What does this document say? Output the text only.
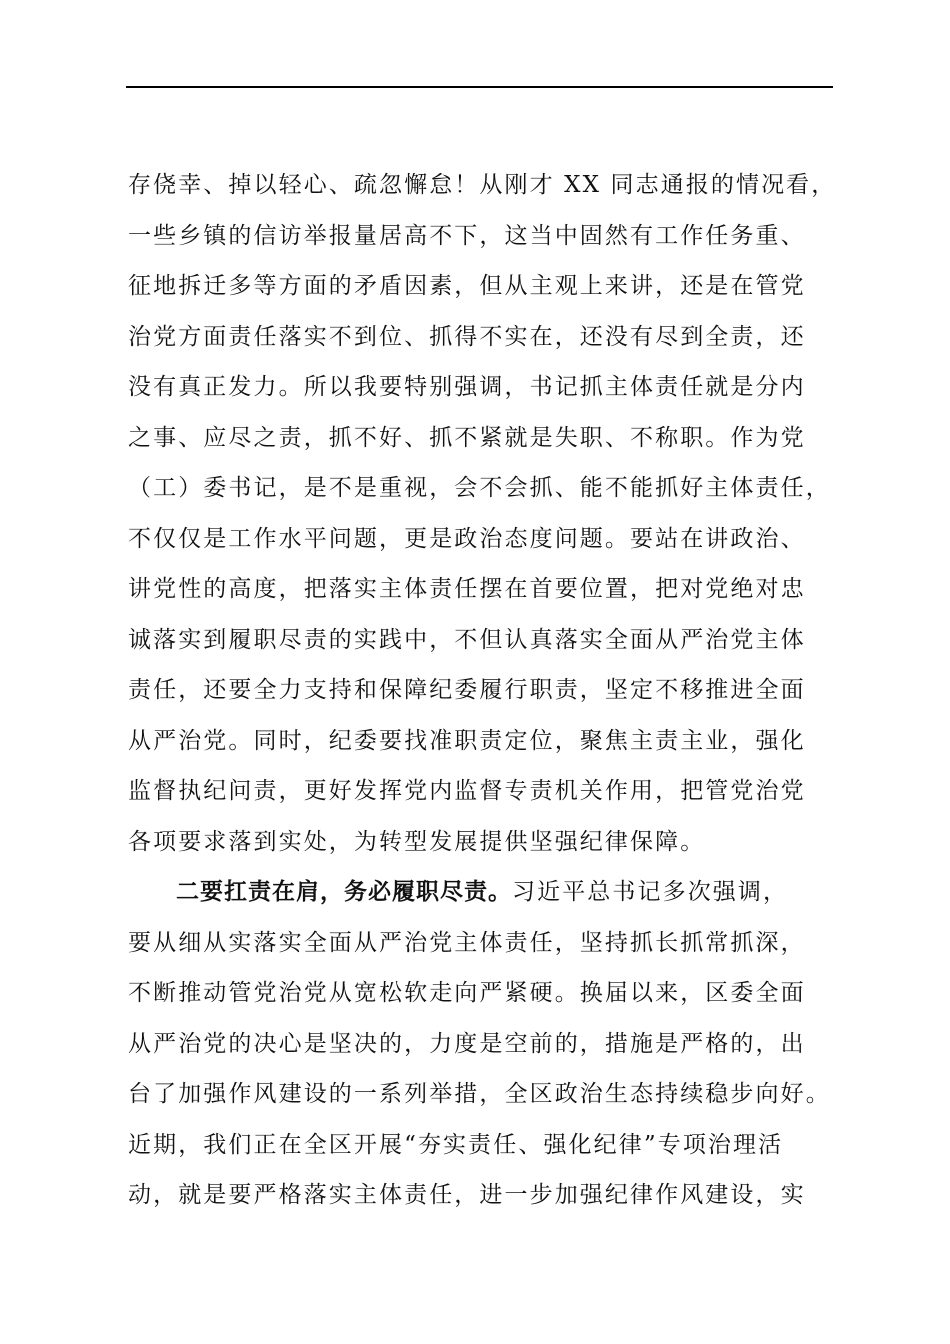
存侥幸、掉以轻心、疏忽懈怠！从刚才 XX 同志通报的情况看，
一些乡镇的信访举报量居高不下，这当中固然有工作任务重、
征地拆迁多等方面的矛盾因素，但从主观上来讲，还是在管党
治党方面责任落实不到位、抓得不实在，还没有尽到全责，还
没有真正发力。所以我要特别强调，书记抓主体责任就是分内
之事、应尽之责，抓不好、抓不紧就是失职、不称职。作为党
（工）委书记，是不是重视，会不会抓、能不能抓好主体责任，
不仅仅是工作水平问题，更是政治态度问题。要站在讲政治、
讲党性的高度，把落实主体责任摆在首要位置，把对党绝对忠
诚落实到履职尽责的实践中，不但认真落实全面从严治党主体
责任，还要全力支持和保障纪委履行职责，坚定不移推进全面
从严治党。同时，纪委要找准职责定位，聚焦主责主业，强化
监督执纪问责，更好发挥党内监督专责机关作用，把管党治党
各项要求落到实处，为转型发展提供坚强纪律保障。
二要扛责在肩，务必履职尽责。习近平总书记多次强调，
要从细从实落实全面从严治党主体责任，坚持抓长抓常抓深，
不断推动管党治党从宽松软走向严紧硬。换届以来，区委全面
从严治党的决心是坚决的，力度是空前的，措施是严格的，出
台了加强作风建设的一系列举措，全区政治生态持续稳步向好。
近期，我们正在全区开展“夯实责任、强化纪律”专项治理活
动，就是要严格落实主体责任，进一步加强纪律作风建设，实
